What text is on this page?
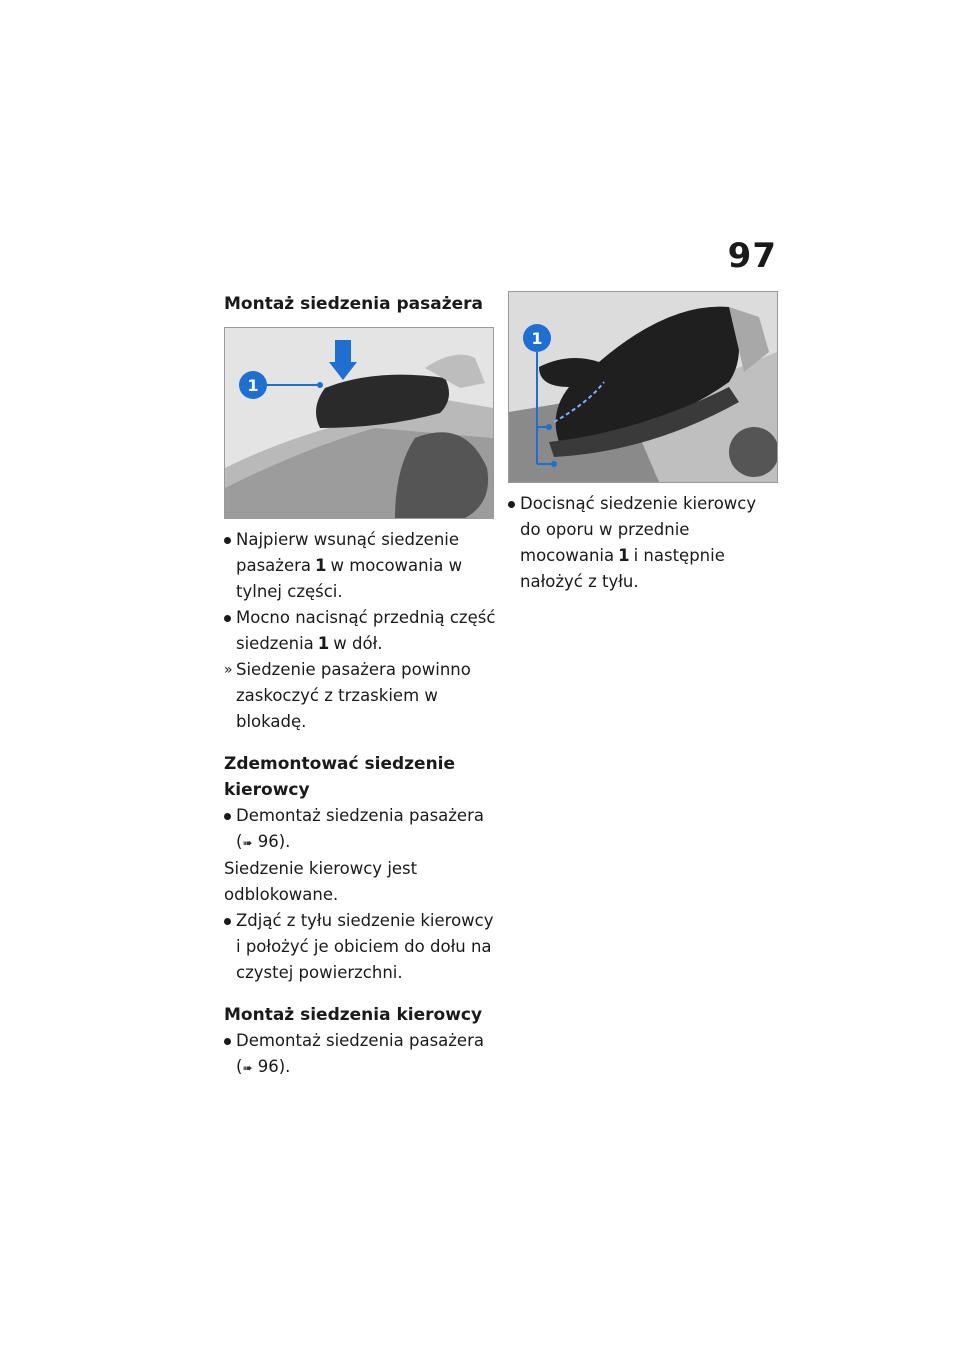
97
Montaż siedzenia pasażera
1
Najpierw wsunąć siedzenie pasażera 1 w mocowania w tylnej części.
Mocno nacisnąć przednią część siedzenia 1 w dół.
» Siedzenie pasażera powinno zaskoczyć z trzaskiem w blokadę.
Zdemontować siedzenie kierowcy
Demontaż siedzenia pasażera
(➠ 96).

Siedzenie kierowcy jest odblokowane.

Zdjąć z tyłu siedzenie kierowcy i położyć je obiciem do dołu na czystej powierzchni.
Montaż siedzenia kierowcy
Demontaż siedzenia pasażera
(➠ 96).
1
Docisnąć siedzenie kierowcy do oporu w przednie mocowania 1 i następnie nałożyć z tyłu.
